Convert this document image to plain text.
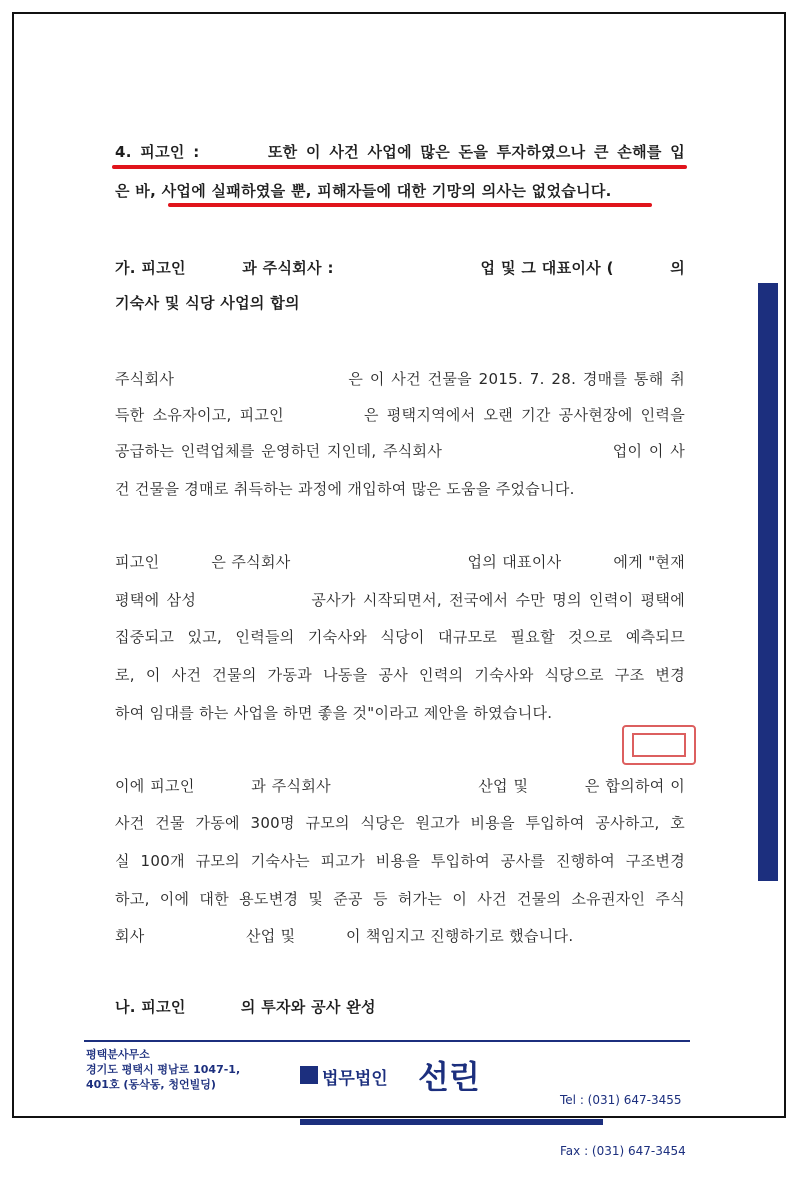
4. 피고인 :        또한 이 사건 사업에 많은 돈을 투자하였으나 큰 손해를 입
은 바, 사업에 실패하였을 뿐, 피해자들에 대한 기망의 의사는 없었습니다.
가. 피고인          과 주식회사 :                          업 및 그 대표이사 (          의
기숙사 및 식당 사업의 합의
주식회사                          은 이 사건 건물을 2015. 7. 28. 경매를 통해 취
득한 소유자이고, 피고인          은 평택지역에서 오랜 기간 공사현장에 인력을
공급하는 인력업체를 운영하던 지인데, 주식회사                          업이 이 사
건 건물을 경매로 취득하는 과정에 개입하여 많은 도움을 주었습니다.
피고인          은 주식회사                                  업의 대표이사          에게 "현재
평택에 삼성                공사가 시작되면서, 전국에서 수만 명의 인력이 평택에
집중되고 있고, 인력들의 기숙사와 식당이 대규모로 필요할 것으로 예측되므
로, 이 사건 건물의 가동과 나동을 공사 인력의 기숙사와 식당으로 구조 변경
하여 임대를 하는 사업을 하면 좋을 것"이라고 제안을 하였습니다.
이에 피고인          과 주식회사                          산업 및          은 합의하여 이
사건 건물 가동에 300명 규모의 식당은 원고가 비용을 투입하여 공사하고, 호
실 100개 규모의 기숙사는 피고가 비용을 투입하여 공사를 진행하여 구조변경
하고, 이에 대한 용도변경 및 준공 등 허가는 이 사건 건물의 소유권자인 주식
회사                    산업 및          이 책임지고 진행하기로 했습니다.
나. 피고인          의 투자와 공사 완성
평택분사무소
경기도 평택시 평남로 1047-1,
401호 (동삭동, 청언빌딩)	법무법인 선린

Tel : (031) 647-3455

Fax : (031) 647-3454
